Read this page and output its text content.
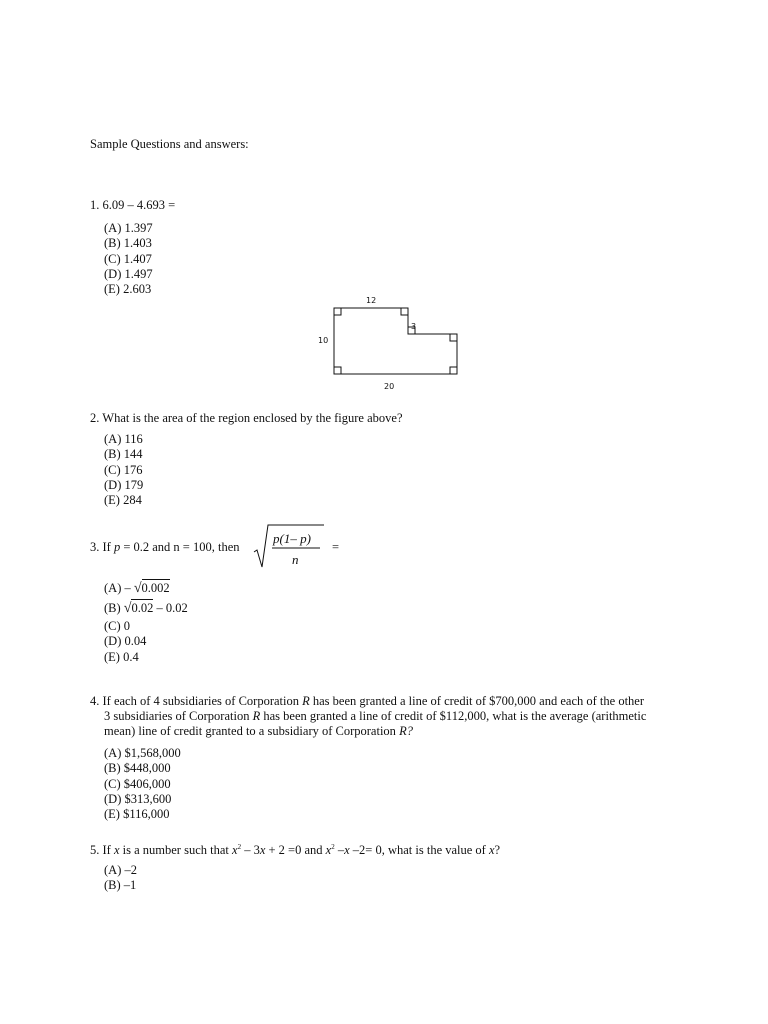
Sample Questions and answers:
1. 6.09 – 4.693 =
(A) 1.397
(B) 1.403
(C) 1.407
(D) 1.497
(E) 2.603
12
3
10
20
2. What is the area of the region enclosed by the figure above?
(A) 116
(B) 144
(C) 176
(D) 179
(E) 284
3. If p = 0.2 and n = 100, then
p(1– p)
n
=
(A) – √0.002
(B) √0.02 – 0.02
(C) 0
(D) 0.04
(E) 0.4
4. If each of 4 subsidiaries of Corporation R has been granted a line of credit of $700,000 and each of the other
3 subsidiaries of Corporation R has been granted a line of credit of $112,000, what is the average (arithmetic
mean) line of credit granted to a subsidiary of Corporation R?
(A) $1,568,000
(B) $448,000
(C) $406,000
(D) $313,600
(E) $116,000
5. If x is a number such that $x^2 - 3x + 2 =0$ and $x^2$ –x –2= 0, what is the value of x?
(A) –2
(B) –1
